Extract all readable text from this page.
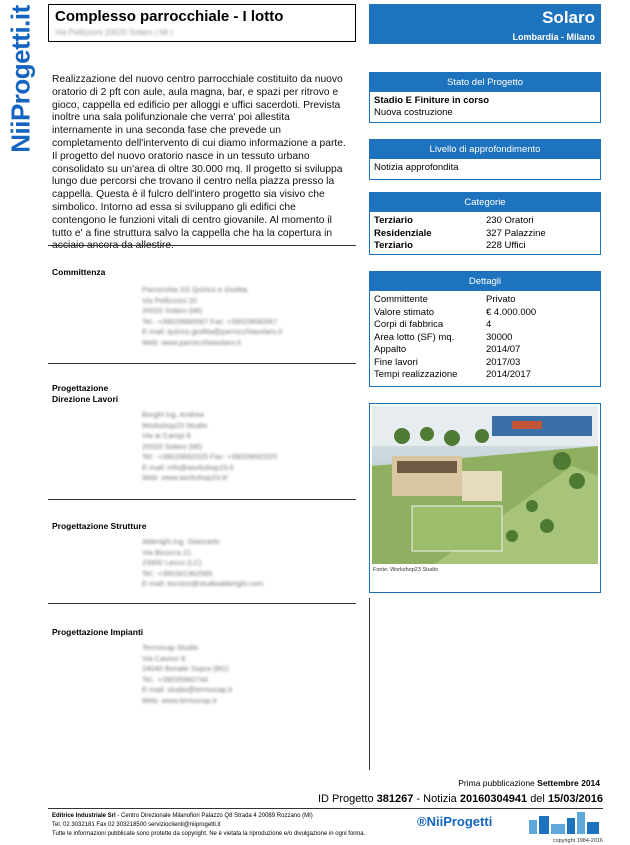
NiiProgetti.it Complesso parrocchiale - I lotto
Via Pellizzoni 20020 Solaro ( MI )
Solaro
Lombardia - Milano
Realizzazione del nuovo centro parrocchiale costituito da nuovo oratorio di 2 pft con aule, aula magna, bar, e spazi per ritrovo e gioco, cappella ed edificio per alloggi e uffici sacerdoti. Prevista inoltre una sala polifunzionale che verra' poi allestita internamente in una seconda fase che prevede un completamento dell'intervento di cui diamo informazione a parte. Il progetto del nuovo oratorio nasce in un tessuto urbano consolidato su un'area di oltre 30.000 mq. Il progetto si sviluppa lungo due percorsi che trovano il centro nella piazza presso la cappella. Questa è il fulcro dell'intero progetto sia visivo che simbolico. Intorno ad essa si sviluppano gli edifici che contengono le funzioni vitali di centro giovanile. Al momento il tutto e' a fine struttura salvo la cappella che ha la copertura in
Committenza
Parrocchia SS Quirico e Giulitta
Via Pellizzoni 20
20020 Solaro (MI)
Tel.: +39029690067 Fax: +39029690067
E-mail: quirico.giulitta@parrocchiasolaro.it
Web: www.parrocchiasolaro.it
Progettazione
Direzione Lavori
Borghi ing. Andrea
Workshop23 Studio
Via ai Campi 8
20020 Solaro (MI)
Tel.: +39029692025 Fax: +39029692025
E-mail: info@workshop23.it
Web: www.workshop23.it/
Progettazione Strutture
Alderighi ing. Giancarlo
Via Bicocca 21
23900 Lecco (LC)
Tel.: +390341362589
E-mail: tecnico@studioalderighi.com
Progettazione Impianti
Termocap Studio
Via Cavour 8
24040 Bonate Sopra (BG)
Tel.: +39035992744
E-mail: studio@termocap.it
Web: www.termocap.it
Stato del Progetto
Stadio E Finiture in corso
Nuova costruzione
Livello di approfondimento
Notizia approfondita
Categorie
Terziario	230 Oratori
Residenziale	327 Palazzine
Terziario	228 Uffici
Dettagli
Committente	Privato
Valore stimato	€ 4.000.000
Corpi di fabbrica	4
Area lotto (SF) mq.	30000
Appalto	2014/07
Fine lavori	2017/03
Tempi realizzazione	2014/2017
Fonte: Workshop23 Studio
Prima pubblicazione Settembre 2014
ID Progetto 381267 - Notizia 20160304941 del 15/03/2016
Editrice Industriale Srl - Centro Direzionale Milanofiori Palazzo Q8 Strada 4 20089 Rozzano (MI)
Tel. 02 3032181 Fax 02 303218500 servizioclienti@niiprogetti.it
Tutte le informazioni pubblicate sono protette da copyright. Ne è vietata la riproduzione e/o divulgazione in ogni forma.
®NiiProgetti
copyright 1984-2016
